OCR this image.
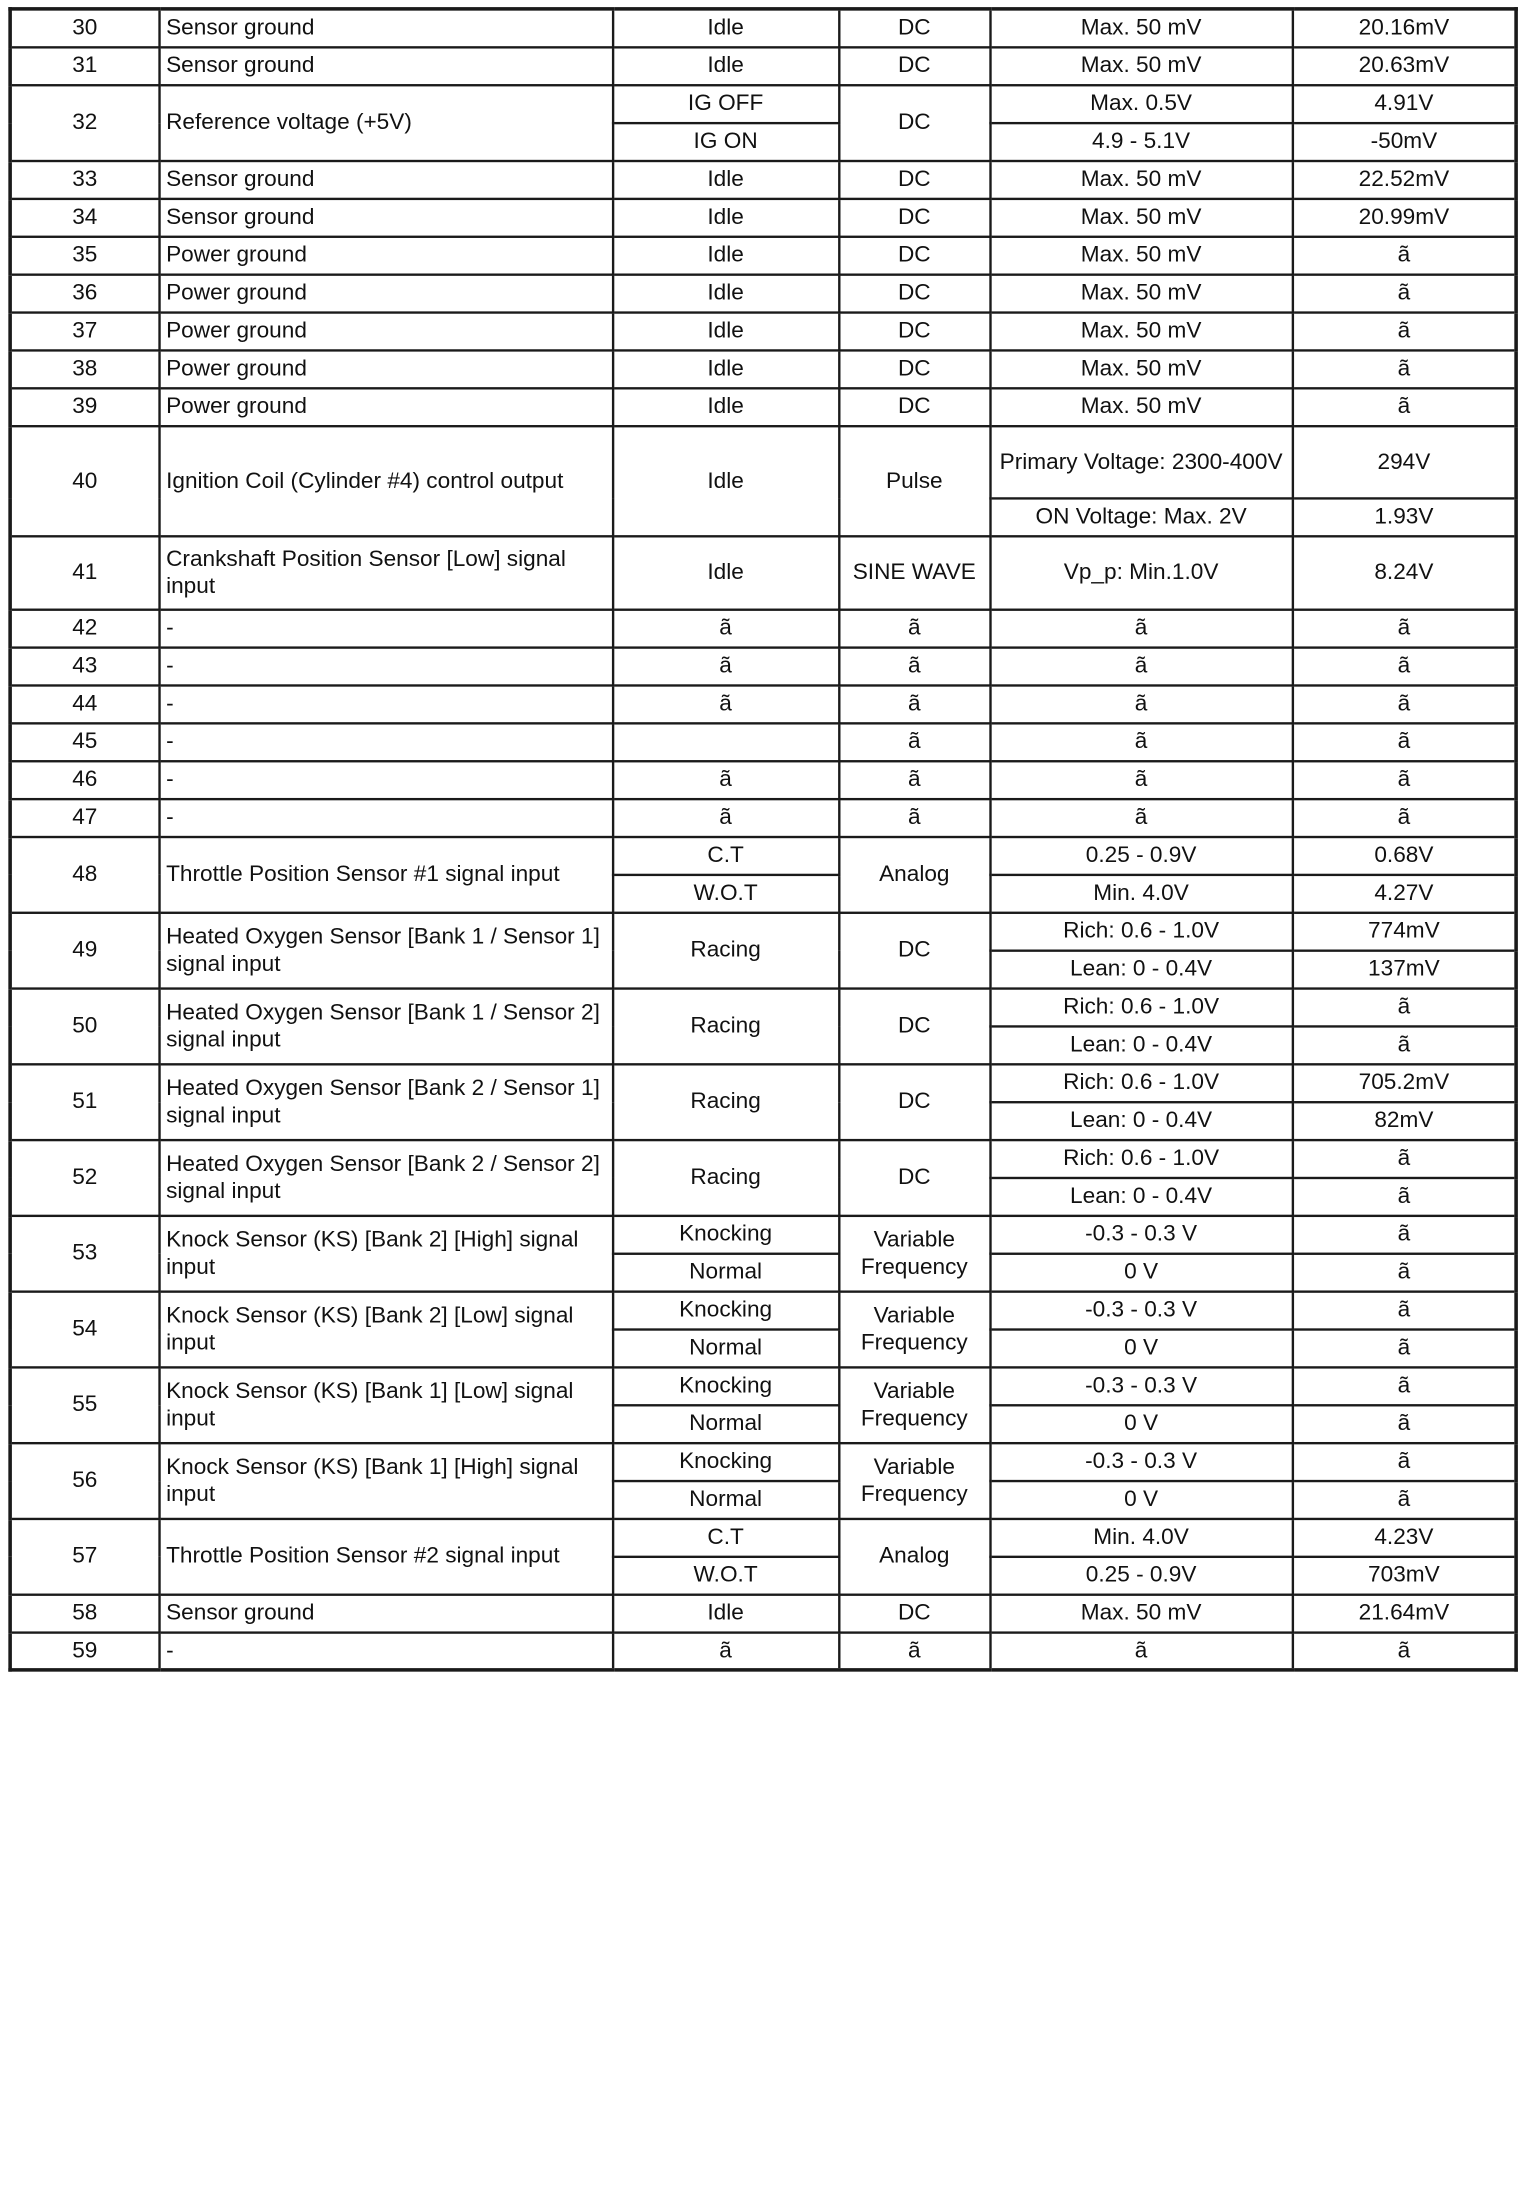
30	Sensor ground	Idle	DC	Max. 50 mV	20.16mV
31	Sensor ground	Idle	DC	Max. 50 mV	20.63mV
32	Reference voltage (+5V)	IG OFF	DC	Max. 0.5V	4.91V
		IG ON		4.9 - 5.1V	-50mV
33	Sensor ground	Idle	DC	Max. 50 mV	22.52mV
34	Sensor ground	Idle	DC	Max. 50 mV	20.99mV
35	Power ground	Idle	DC	Max. 50 mV	ã
36	Power ground	Idle	DC	Max. 50 mV	ã
37	Power ground	Idle	DC	Max. 50 mV	ã
38	Power ground	Idle	DC	Max. 50 mV	ã
39	Power ground	Idle	DC	Max. 50 mV	ã
40	Ignition Coil (Cylinder #4) control output	Idle	Pulse	Primary Voltage: 2300-400V	294V
				ON Voltage: Max. 2V	1.93V
41	Crankshaft Position Sensor [Low] signal input	Idle	SINE WAVE	Vp_p: Min.1.0V	8.24V
42	-	ã	ã	ã	ã
43	-	ã	ã	ã	ã
44	-	ã	ã	ã	ã
45	-		ã	ã	ã
46	-	ã	ã	ã	ã
47	-	ã	ã	ã	ã
48	Throttle Position Sensor #1 signal input	C.T	Analog	0.25 - 0.9V	0.68V
		W.O.T		Min. 4.0V	4.27V
49	Heated Oxygen Sensor [Bank 1 / Sensor 1] signal input	Racing	DC	Rich: 0.6 - 1.0V	774mV
				Lean: 0 - 0.4V	137mV
50	Heated Oxygen Sensor [Bank 1 / Sensor 2] signal input	Racing	DC	Rich: 0.6 - 1.0V	ã
				Lean: 0 - 0.4V	ã
51	Heated Oxygen Sensor [Bank 2 / Sensor 1] signal input	Racing	DC	Rich: 0.6 - 1.0V	705.2mV
				Lean: 0 - 0.4V	82mV
52	Heated Oxygen Sensor [Bank 2 / Sensor 2] signal input	Racing	DC	Rich: 0.6 - 1.0V	ã
				Lean: 0 - 0.4V	ã
53	Knock Sensor (KS) [Bank 2] [High] signal input	Knocking	Variable Frequency	-0.3 - 0.3 V	ã
		Normal		0 V	ã
54	Knock Sensor (KS) [Bank 2] [Low] signal input	Knocking	Variable Frequency	-0.3 - 0.3 V	ã
		Normal		0 V	ã
55	Knock Sensor (KS) [Bank 1] [Low] signal input	Knocking	Variable Frequency	-0.3 - 0.3 V	ã
		Normal		0 V	ã
56	Knock Sensor (KS) [Bank 1] [High] signal input	Knocking	Variable Frequency	-0.3 - 0.3 V	ã
		Normal		0 V	ã
57	Throttle Position Sensor #2 signal input	C.T	Analog	Min. 4.0V	4.23V
		W.O.T		0.25 - 0.9V	703mV
58	Sensor ground	Idle	DC	Max. 50 mV	21.64mV
59	-	ã	ã	ã	ã
